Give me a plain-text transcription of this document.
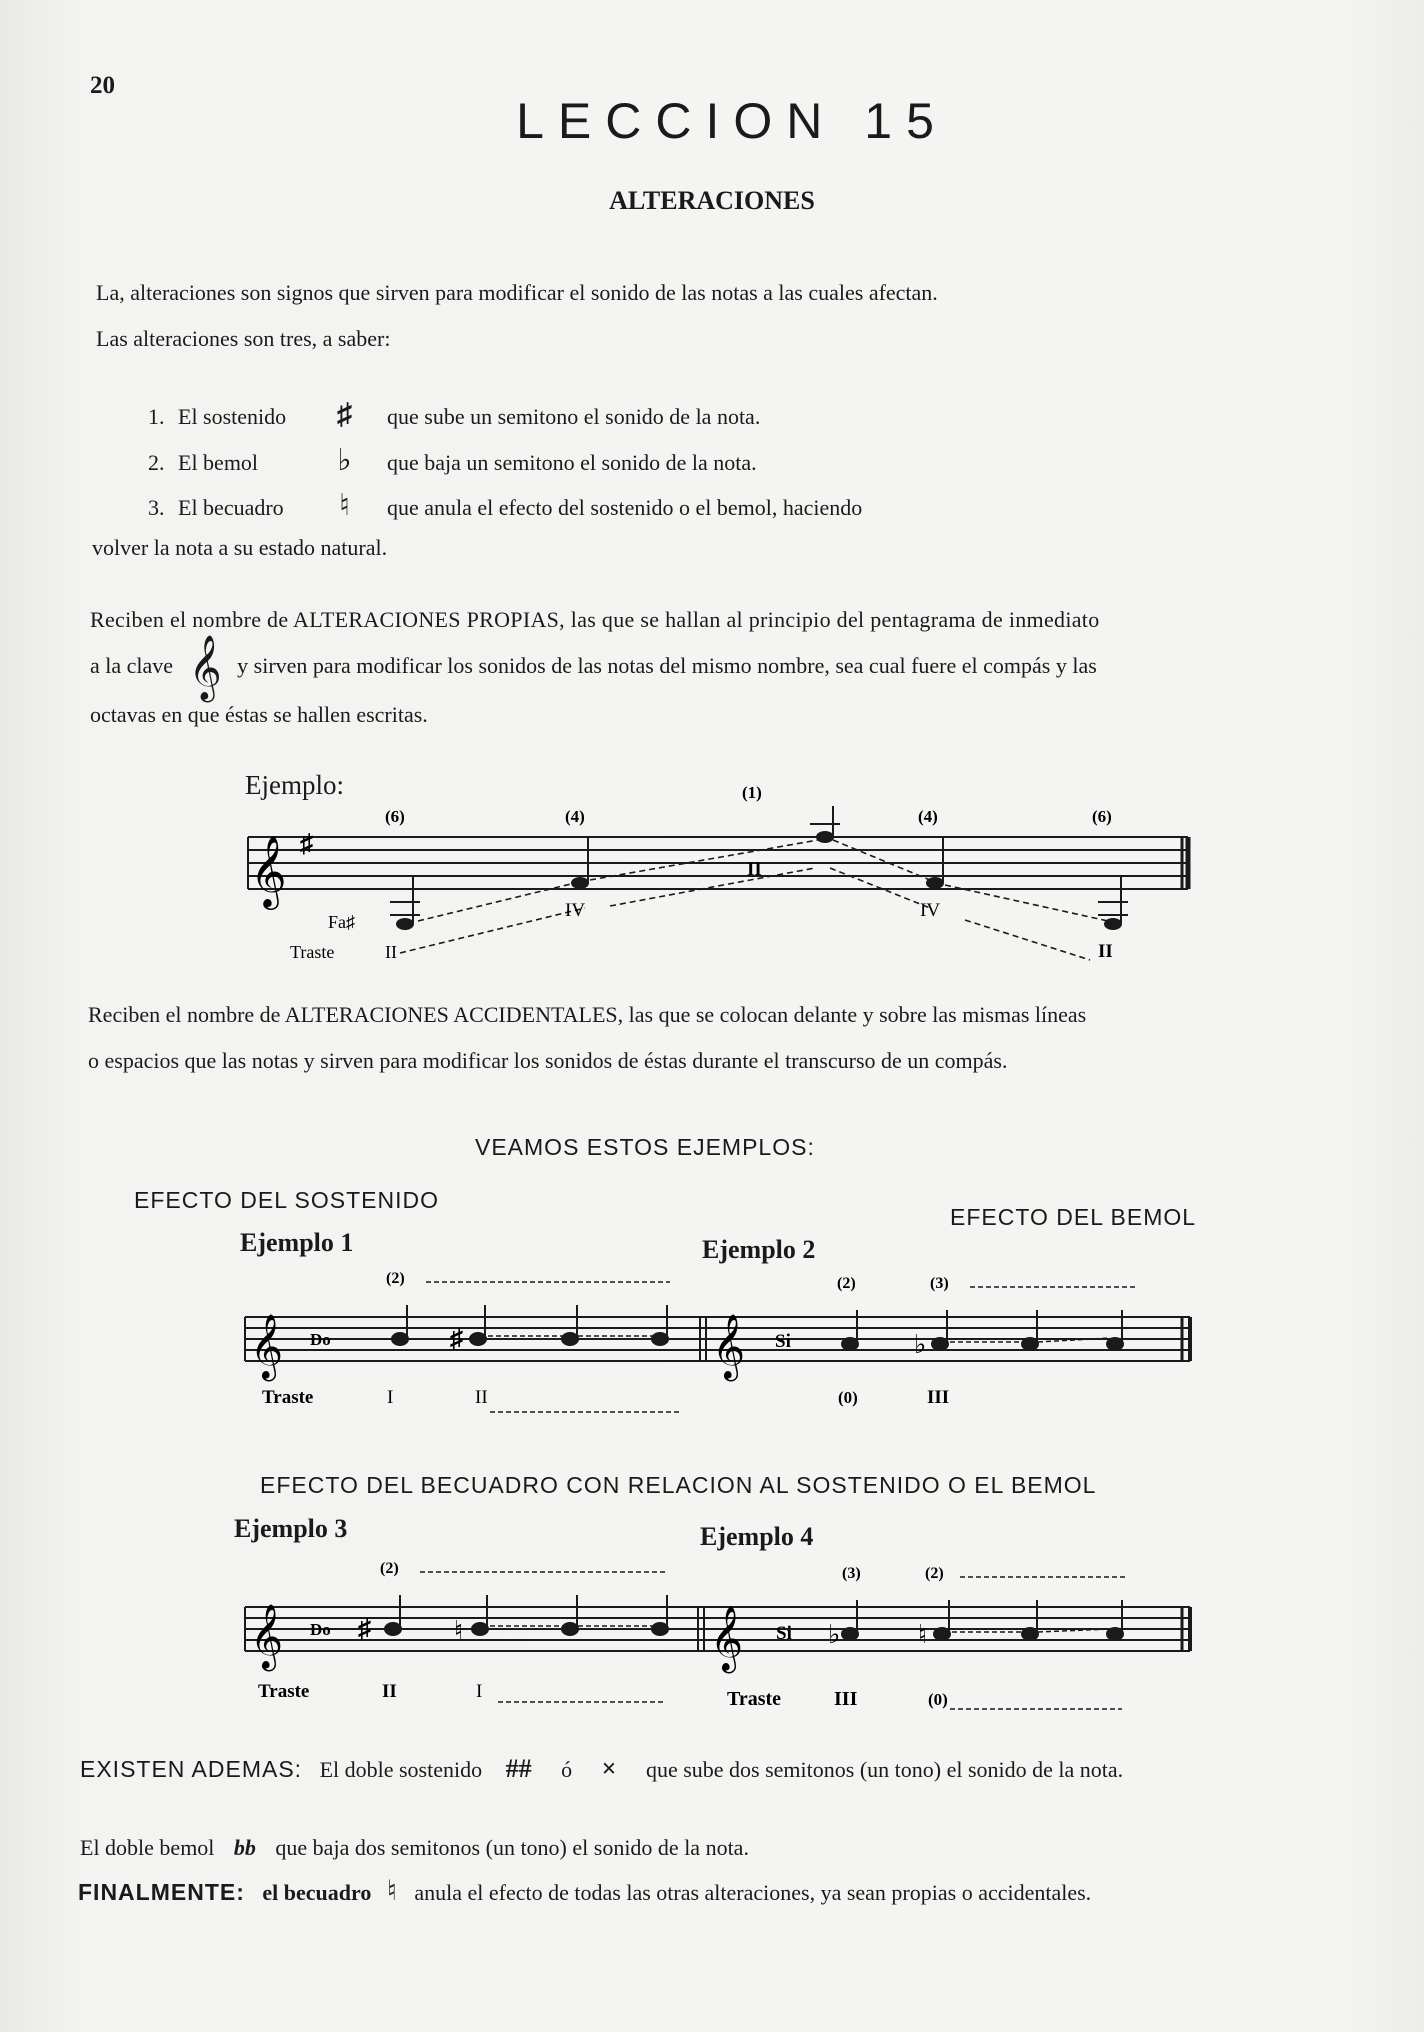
20
LECCION 15
ALTERACIONES
La, alteraciones son signos que sirven para modificar el sonido de las notas a las cuales afectan.
Las alteraciones son tres, a saber:
1. El sostenido ♯ que sube un semitono el sonido de la nota.
2. El bemol	♭ que baja un semitono el sonido de la nota.
3. El becuadro ♮ que anula el efecto del sostenido o el bemol, haciendo
volver la nota a su estado natural.
Reciben el nombre de ALTERACIONES PROPIAS, las que se hallan al principio del pentagrama de inmediato
a la clave 𝄞 y sirven para modificar los sonidos de las notas del mismo nombre, sea cual fuere el compás y las
octavas en que éstas se hallen escritas.
Ejemplo:
𝄞 ♯
(6)	(4)
(1)
(4)	(6)
IV
II
IV
II
Fa♯
Traste	II
Reciben el nombre de ALTERACIONES ACCIDENTALES, las que se colocan delante y sobre las mismas líneas
o espacios que las notas y sirven para modificar los sonidos de éstas durante el transcurso de un compás.
VEAMOS ESTOS EJEMPLOS:
EFECTO DEL SOSTENIDO
EFECTO DEL BEMOL
Ejemplo 1	Ejemplo 2
𝄞	𝄞
Do	Si
♯	♭
(2)	(2)	(3)
Traste	I	II	(0)	III
EFECTO DEL BECUADRO CON RELACION AL SOSTENIDO O EL BEMOL
Ejemplo 3	Ejemplo 4
𝄞	𝄞
Do	Si
♯	♮	♭	♮
(2)	(3)	(2)
Traste	II	I	Traste	III	(0)
EXISTEN ADEMAS: El doble sostenido ## ó × que sube dos semitonos (un tono) el sonido de la nota.
El doble bemol bb que baja dos semitonos (un tono) el sonido de la nota.
FINALMENTE: el becuadro ♮ anula el efecto de todas las otras alteraciones, ya sean propias o accidentales.
